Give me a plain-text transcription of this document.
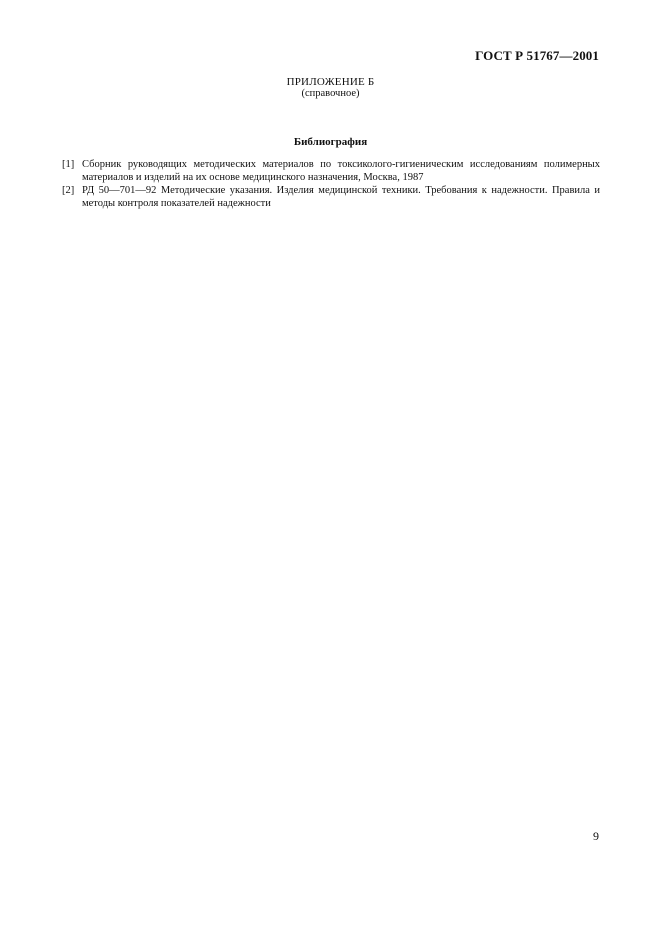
ГОСТ Р 51767—2001
ПРИЛОЖЕНИЕ Б
(справочное)
Библиография
[1] Сборник руководящих методических материалов по токсиколого-гигиеническим исследованиям полимерных материалов и изделий на их основе медицинского назначения, Москва, 1987
[2] РД 50—701—92 Методические указания. Изделия медицинской техники. Требования к надежности. Правила и методы контроля показателей надежности
9
